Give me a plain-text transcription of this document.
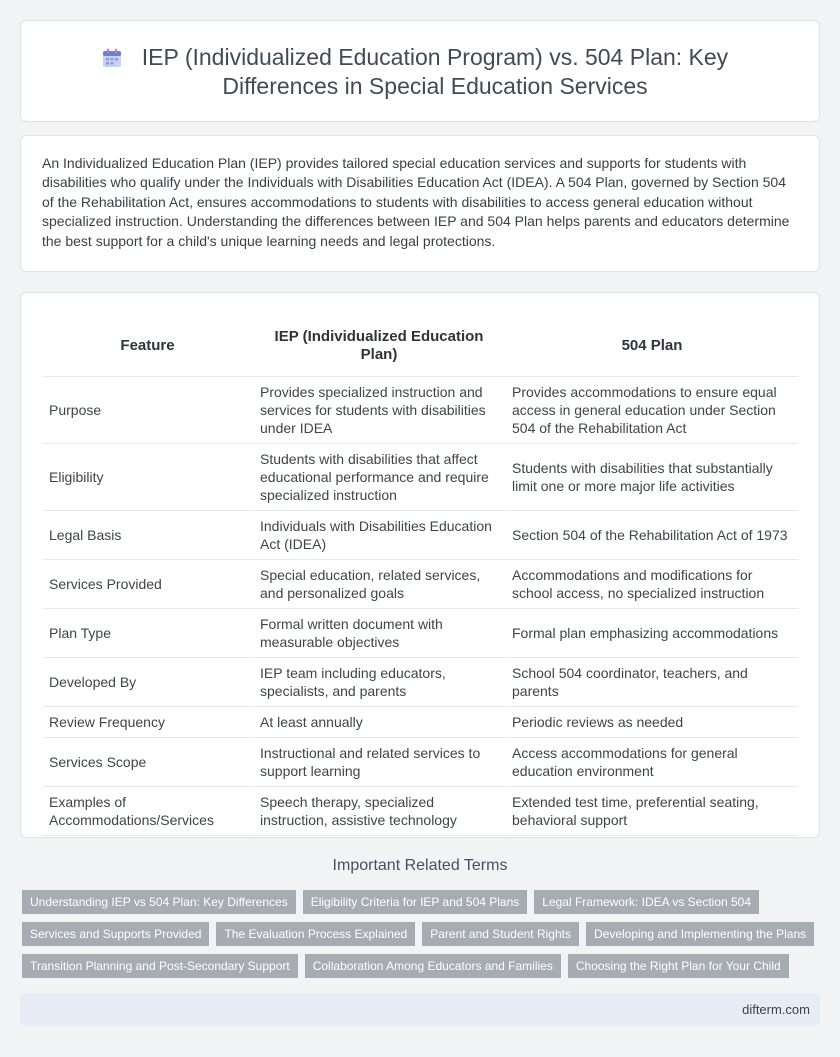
IEP (Individualized Education Program) vs. 504 Plan: Key Differences in Special Education Services

An Individualized Education Plan (IEP) provides tailored special education services and supports for students with disabilities who qualify under the Individuals with Disabilities Education Act (IDEA). A 504 Plan, governed by Section 504 of the Rehabilitation Act, ensures accommodations to students with disabilities to access general education without specialized instruction. Understanding the differences between IEP and 504 Plan helps parents and educators determine the best support for a child's unique learning needs and legal protections.

Feature	IEP (Individualized Education Plan)	504 Plan
Purpose	Provides specialized instruction and services for students with disabilities under IDEA	Provides accommodations to ensure equal access in general education under Section 504 of the Rehabilitation Act
Eligibility	Students with disabilities that affect educational performance and require specialized instruction	Students with disabilities that substantially limit one or more major life activities
Legal Basis	Individuals with Disabilities Education Act (IDEA)	Section 504 of the Rehabilitation Act of 1973
Services Provided	Special education, related services, and personalized goals	Accommodations and modifications for school access, no specialized instruction
Plan Type	Formal written document with measurable objectives	Formal plan emphasizing accommodations
Developed By	IEP team including educators, specialists, and parents	School 504 coordinator, teachers, and parents
Review Frequency	At least annually	Periodic reviews as needed
Services Scope	Instructional and related services to support learning	Access accommodations for general education environment
Examples of Accommodations/Services	Speech therapy, specialized instruction, assistive technology	Extended test time, preferential seating, behavioral support
Important Related Terms
Understanding IEP vs 504 Plan: Key Differences	Eligibility Criteria for IEP and 504 Plans	Legal Framework: IDEA vs Section 504
Services and Supports Provided	The Evaluation Process Explained	Parent and Student Rights	Developing and Implementing the Plans
Transition Planning and Post-Secondary Support	Collaboration Among Educators and Families	Choosing the Right Plan for Your Child
difterm.com
